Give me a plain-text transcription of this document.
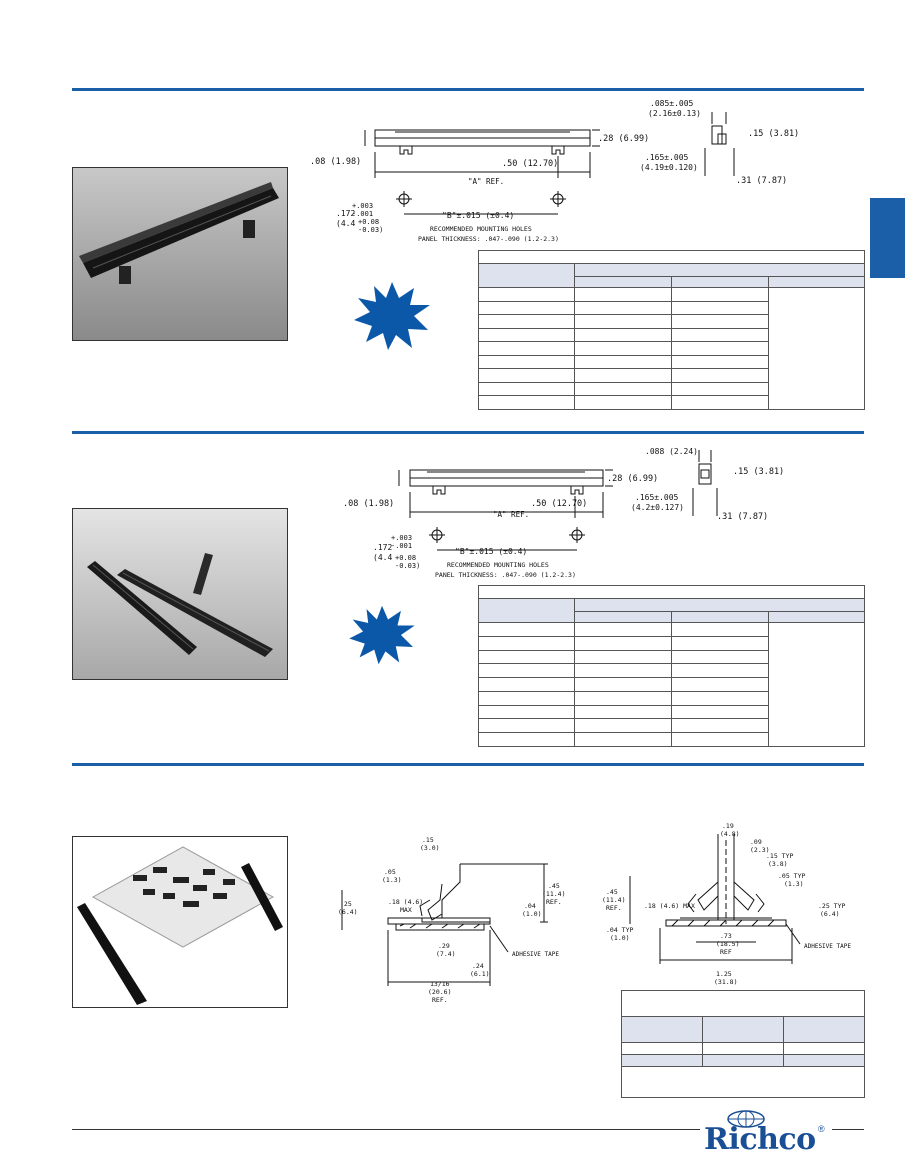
.28 (6.99)
.08 (1.98)	.50 (12.70)
"A" REF.
.085±.005
(2.16±0.13)
.15 (3.81)
.165±.005
(4.19±0.120)
.31 (7.87)
+.003
.172
-.001
(4.4 +0.08
-0.03)
"B"±.015 (±0.4)
RECOMMENDED MOUNTING HOLES
PANEL THICKNESS: .047-.090 (1.2-2.3)

.28 (6.99)
.08 (1.98)	.50 (12.70)
"A" REF.
.088 (2.24)
.15 (3.81)
.165±.005
(4.2±0.127)
.31 (7.87)
+.003
.172
-.001
(4.4 +0.08
-0.03)
"B"±.015 (±0.4)
RECOMMENDED MOUNTING HOLES
PANEL THICKNESS: .047-.090 (1.2-2.3)

.15
(3.0)
.05
(1.3)
.18 (4.6)
MAX
.25
(6.4)
.45
(11.4)
REF.
.04
(1.0)
.29
(7.4)	ADHESIVE TAPE
.24
(6.1)
13/16
(20.6)
REF.
.19
(4.8)
.09
(2.3)
.15 TYP
(3.8)
.05 TYP
(1.3)
.45
(11.4)
REF.	.18 (4.6) MAX	.25 TYP
(6.4)
.04 TYP
(1.0)	.73
(18.5)
REF
ADHESIVE TAPE
1.25
(31.8)

Richco ®
